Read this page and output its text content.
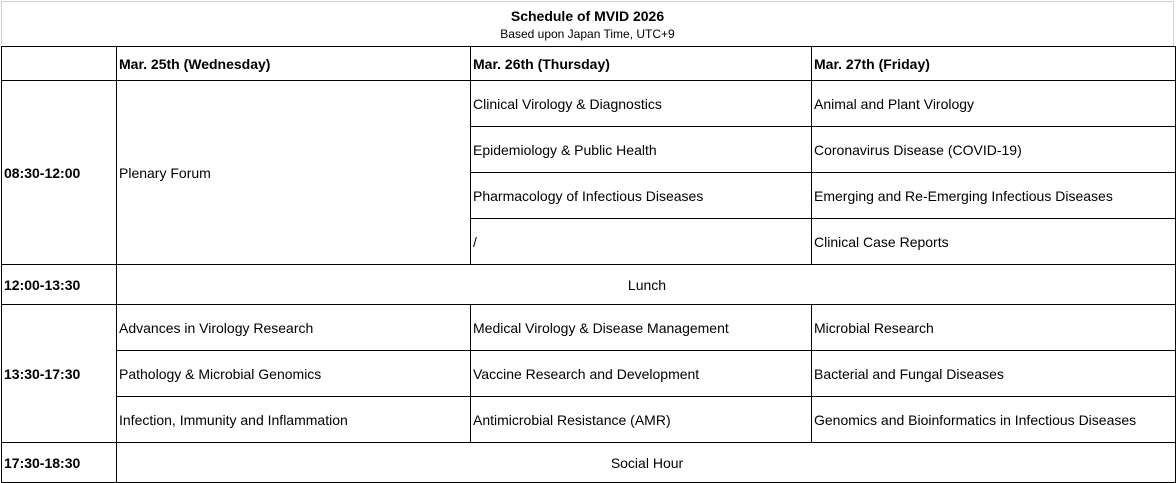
Schedule of MVID 2026
Based upon Japan Time, UTC+9
	Mar. 25th (Wednesday)	Mar. 26th (Thursday)	Mar. 27th (Friday)
08:30-12:00	Plenary Forum	Clinical Virology & Diagnostics	Animal and Plant Virology
		Epidemiology & Public Health	Coronavirus Disease (COVID-19)
		Pharmacology of Infectious Diseases	Emerging and Re-Emerging Infectious Diseases
		/	Clinical Case Reports
12:00-13:30	Lunch		
13:30-17:30	Advances in Virology Research	Medical Virology & Disease Management	Microbial Research
	Pathology & Microbial Genomics	Vaccine Research and Development	Bacterial and Fungal Diseases
	Infection, Immunity and Inflammation	Antimicrobial Resistance (AMR)	Genomics and Bioinformatics in Infectious Diseases
17:30-18:30	Social Hour		
